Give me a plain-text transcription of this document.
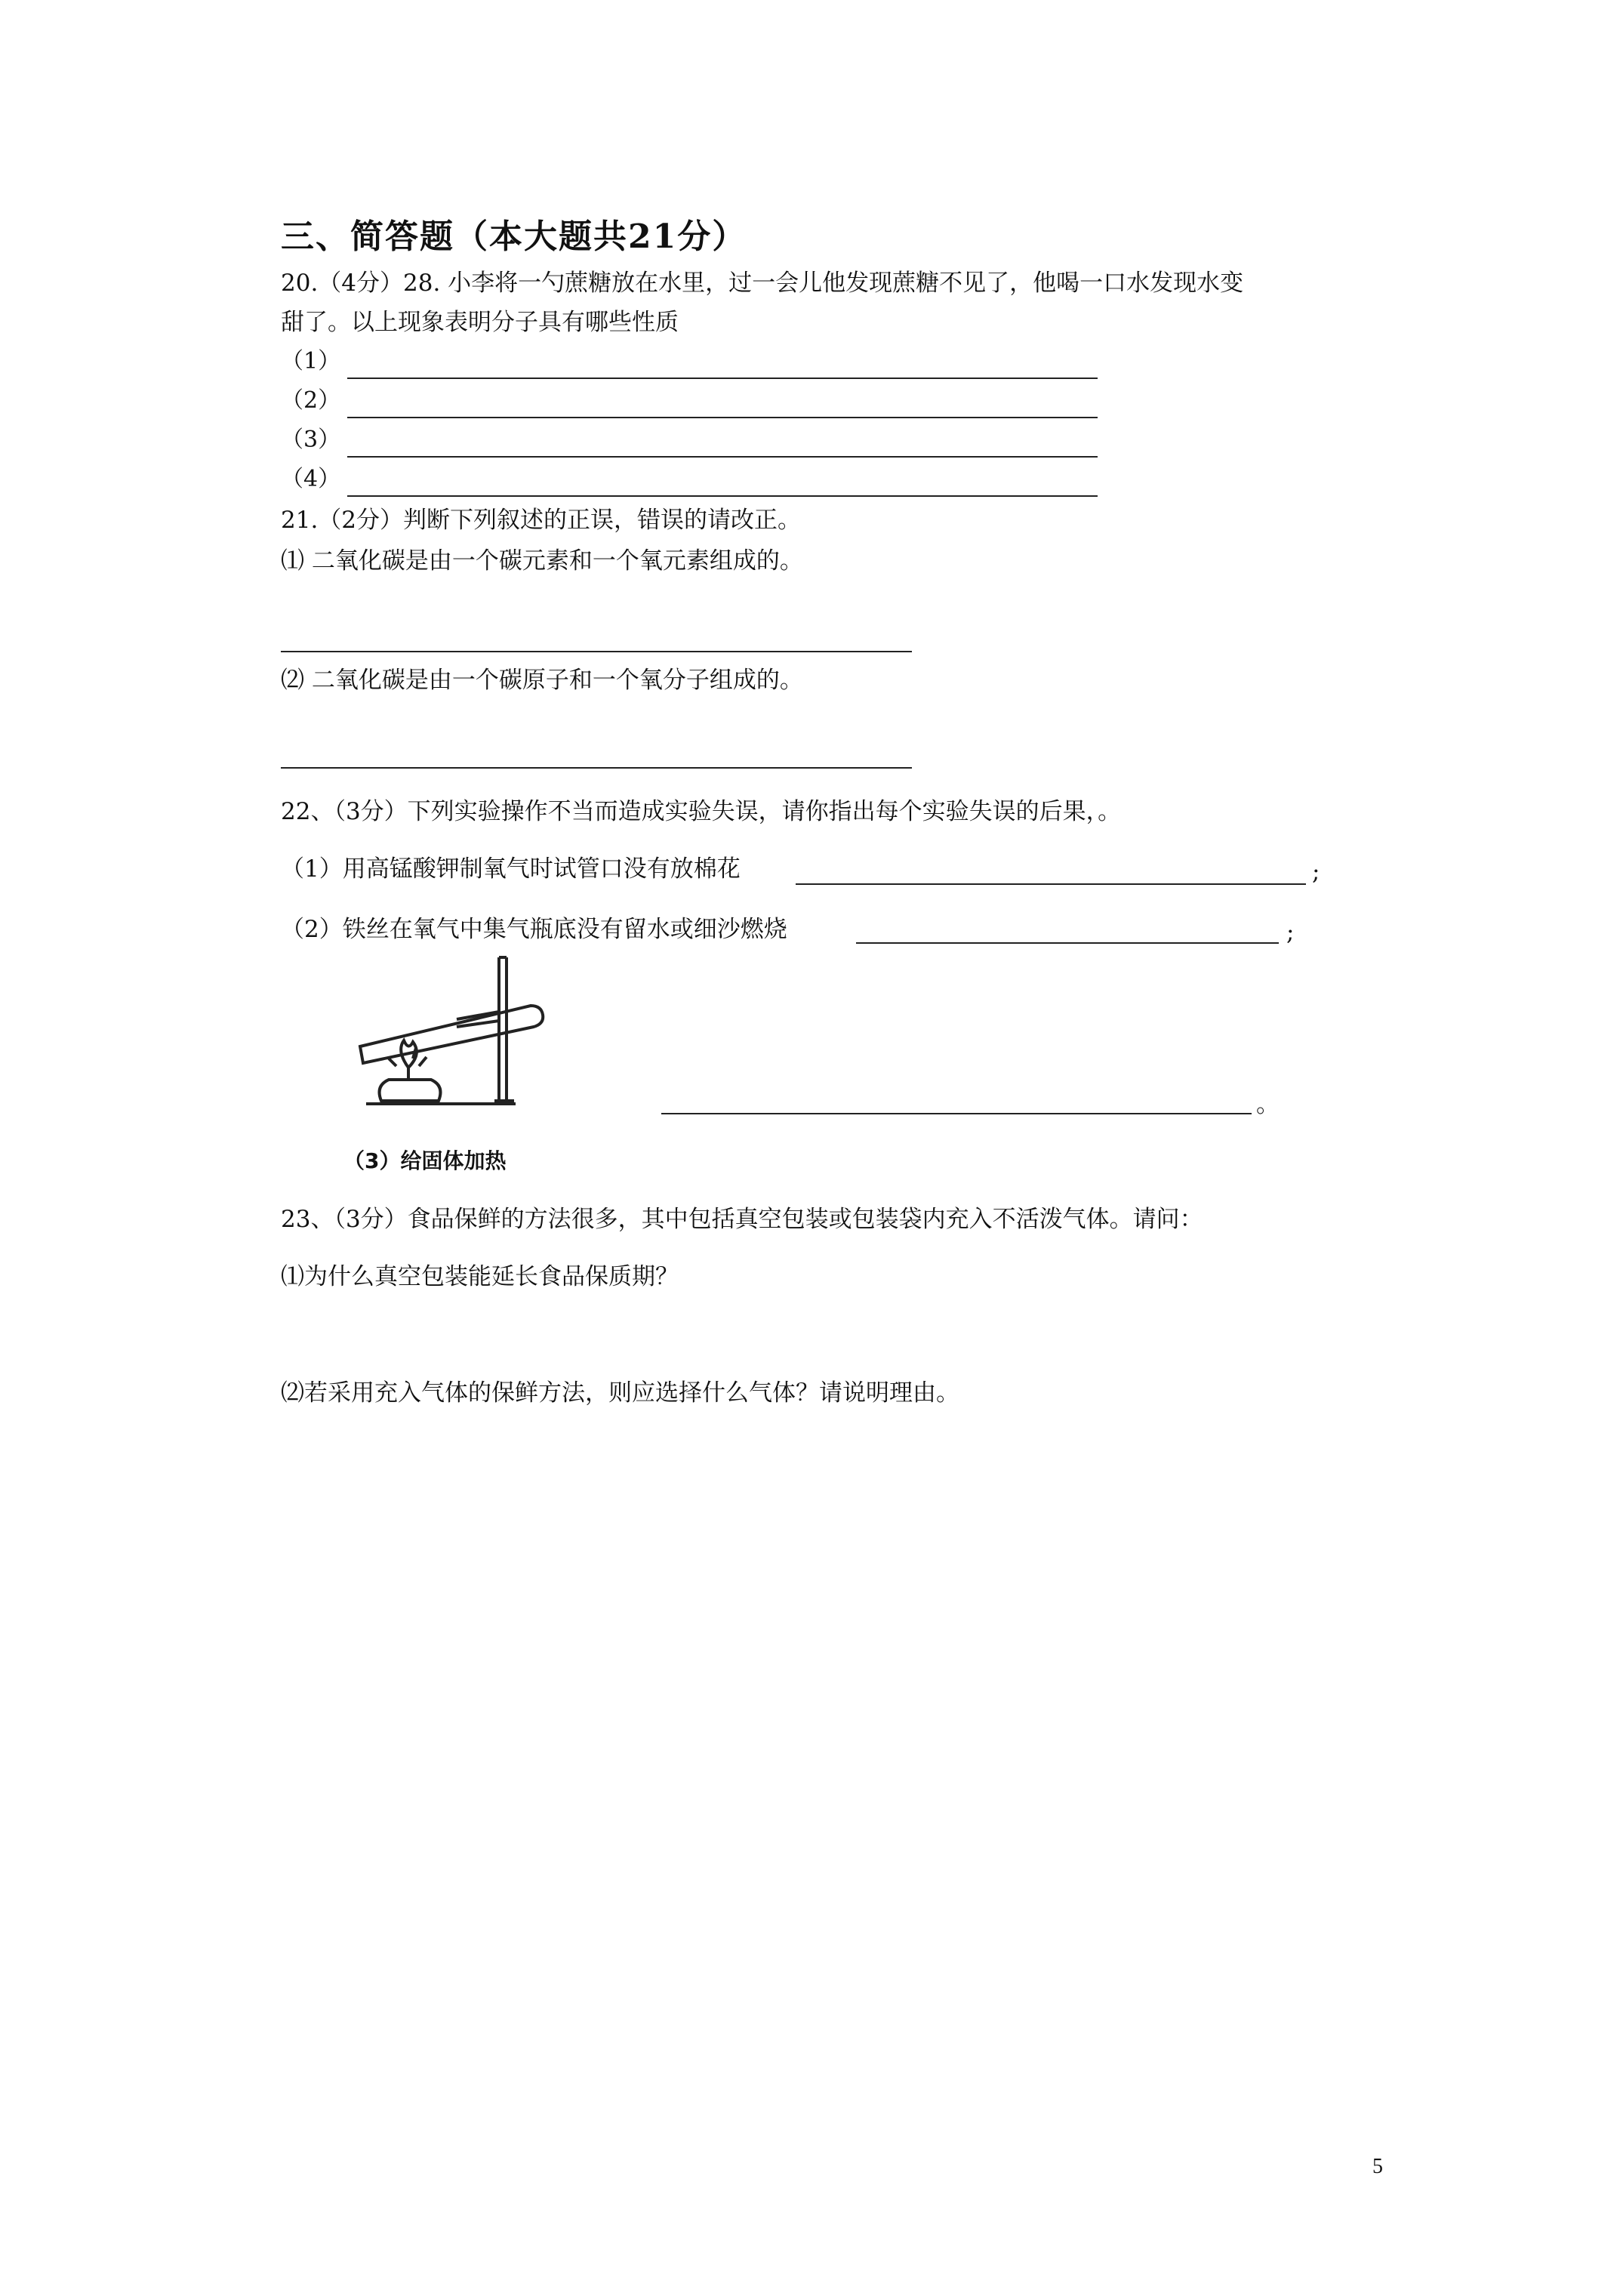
三、简答题（本大题共21分）
20.（4分）28. 小李将一勺蔗糖放在水里，过一会儿他发现蔗糖不见了，他喝一口水发现水变
甜了。以上现象表明分子具有哪些性质
（1）
（2）
（3）
（4）
21.（2分）判断下列叙述的正误，错误的请改正。
⑴ 二氧化碳是由一个碳元素和一个氧元素组成的。
⑵ 二氧化碳是由一个碳原子和一个氧分子组成的。
22、（3分）下列实验操作不当而造成实验失误，请你指出每个实验失误的后果，。
（1）用高锰酸钾制氧气时试管口没有放棉花	;
（2）铁丝在氧气中集气瓶底没有留水或细沙燃烧	;
。
（3）给固体加热
23、（3分）食品保鲜的方法很多，其中包括真空包装或包装袋内充入不活泼气体。请问：
⑴为什么真空包装能延长食品保质期？
⑵若采用充入气体的保鲜方法，则应选择什么气体？请说明理由。
5
